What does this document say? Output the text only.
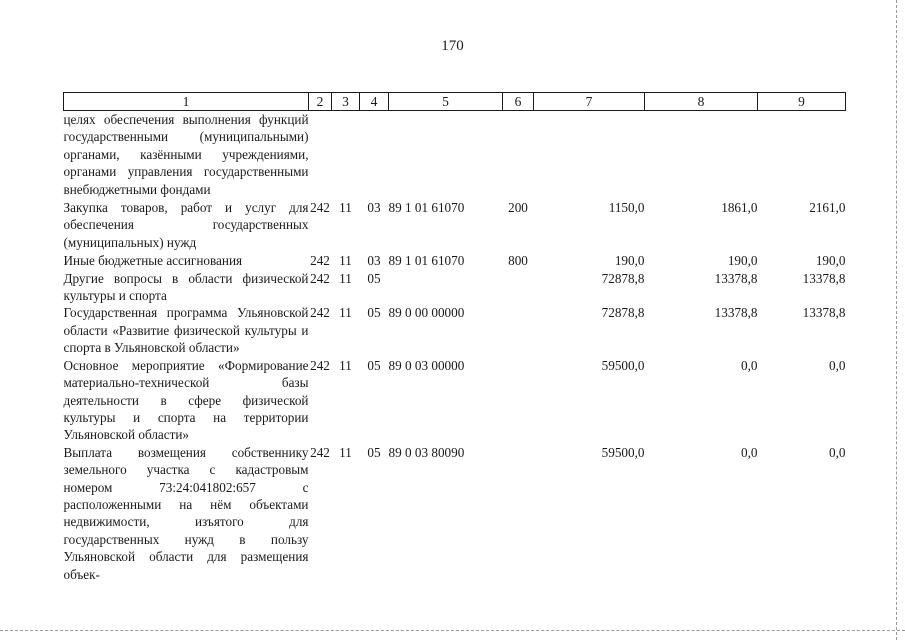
170
1	2	3	4	5	6	7	8	9
целях обеспечения выполнения функций государственными (муниципальными) органами, казёнными учреждениями, органами управления государственными внебюджетными фондами								
Закупка товаров, работ и услуг для обеспечения государственных (муниципальных) нужд	242	11	03	89 1 01 61070	200	1150,0	1861,0	2161,0
Иные бюджетные ассигнования	242	11	03	89 1 01 61070	800	190,0	190,0	190,0
Другие вопросы в области физической культуры и спорта	242	11	05			72878,8	13378,8	13378,8
Государственная программа Ульяновской области «Развитие физической культуры и спорта в Ульяновской области»	242	11	05	89 0 00 00000		72878,8	13378,8	13378,8
Основное мероприятие «Формирование материально-технической базы деятельности в сфере физической культуры и спорта на территории Ульяновской области»	242	11	05	89 0 03 00000		59500,0	0,0	0,0
Выплата возмещения собственнику земельного участка с кадастровым номером 73:24:041802:657 с расположенными на нём объектами недвижимости, изъятого для государственных нужд в пользу Ульяновской области для размещения объек-	242	11	05	89 0 03 80090		59500,0	0,0	0,0
